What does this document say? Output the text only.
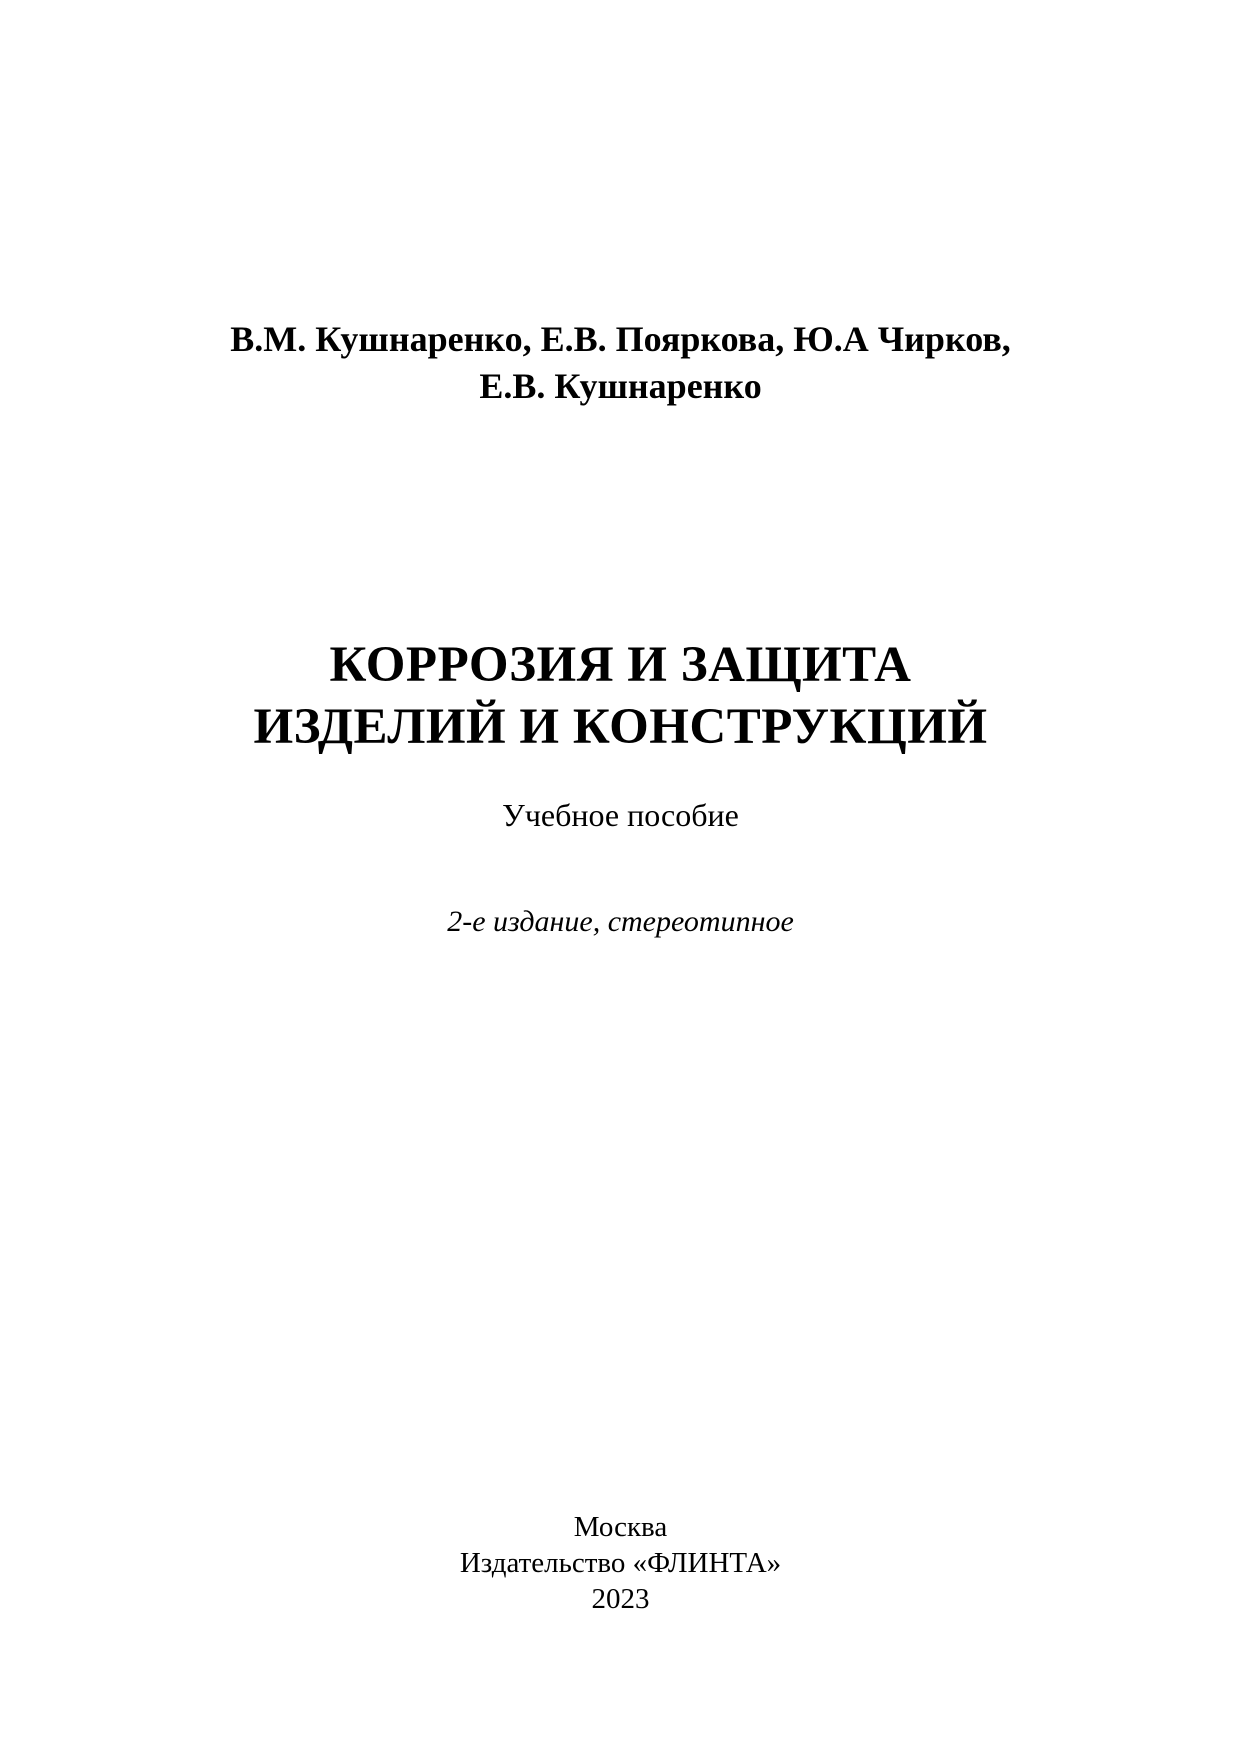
В.М. Кушнаренко, Е.В. Пояркова, Ю.А Чирков,
Е.В. Кушнаренко
КОРРОЗИЯ И ЗАЩИТА
ИЗДЕЛИЙ И КОНСТРУКЦИЙ
Учебное пособие
2-е издание, стереотипное
Москва
Издательство «ФЛИНТА»
2023
